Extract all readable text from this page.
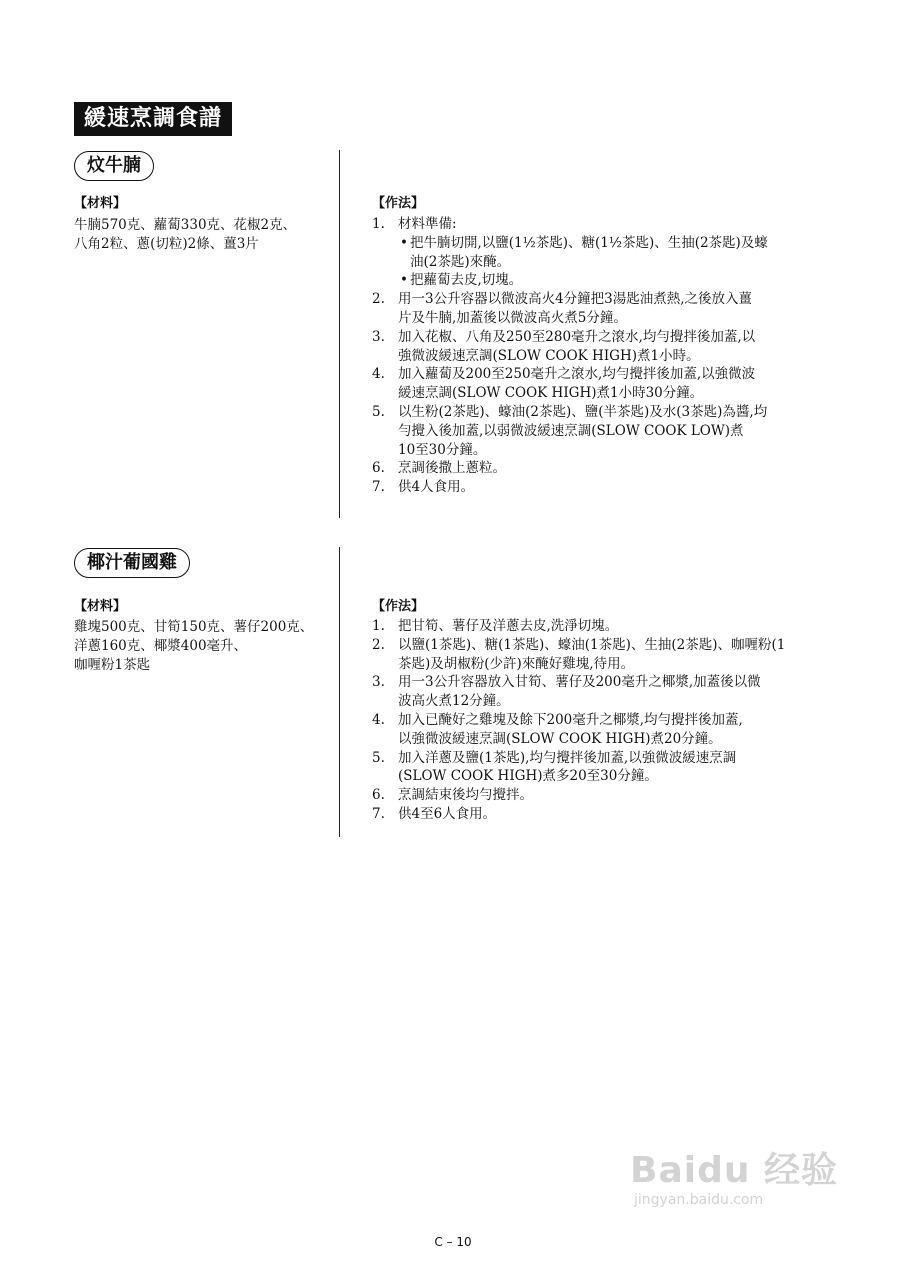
緩速烹調食譜
炆牛腩
【材料】
牛腩570克、蘿蔔330克、花椒2克、
八角2粒、蔥(切粒)2條、薑3片
【作法】
1. 材料準備:
• 把牛腩切開,以鹽(1½茶匙)、糖(1½茶匙)、生抽(2茶匙)及蠔
油(2茶匙)來醃。
• 把蘿蔔去皮,切塊。
2. 用一3公升容器以微波高火4分鐘把3湯匙油煮熱,之後放入薑
片及牛腩,加蓋後以微波高火煮5分鐘。
3. 加入花椒、八角及250至280毫升之滾水,均勻攪拌後加蓋,以
強微波緩速烹調(SLOW COOK HIGH)煮1小時。
4. 加入蘿蔔及200至250毫升之滾水,均勻攪拌後加蓋,以強微波
緩速烹調(SLOW COOK HIGH)煮1小時30分鐘。
5. 以生粉(2茶匙)、蠔油(2茶匙)、鹽(半茶匙)及水(3茶匙)為醬,均
勻攪入後加蓋,以弱微波緩速烹調(SLOW COOK LOW)煮
10至30分鐘。
6. 烹調後撒上蔥粒。
7. 供4人食用。
椰汁葡國雞
【材料】
雞塊500克、甘筍150克、薯仔200克、
洋蔥160克、椰漿400毫升、
咖喱粉1茶匙
【作法】
1. 把甘筍、薯仔及洋蔥去皮,洗淨切塊。
2. 以鹽(1茶匙)、糖(1茶匙)、蠔油(1茶匙)、生抽(2茶匙)、咖喱粉(1
茶匙)及胡椒粉(少許)來醃好雞塊,待用。
3. 用一3公升容器放入甘筍、薯仔及200毫升之椰漿,加蓋後以微
波高火煮12分鐘。
4. 加入已醃好之雞塊及餘下200毫升之椰漿,均勻攪拌後加蓋,
以強微波緩速烹調(SLOW COOK HIGH)煮20分鐘。
5. 加入洋蔥及鹽(1茶匙),均勻攪拌後加蓋,以強微波緩速烹調
(SLOW COOK HIGH)煮多20至30分鐘。
6. 烹調結束後均勻攪拌。
7. 供4至6人食用。
Baidu 经验
jingyan.baidu.com
C – 10
